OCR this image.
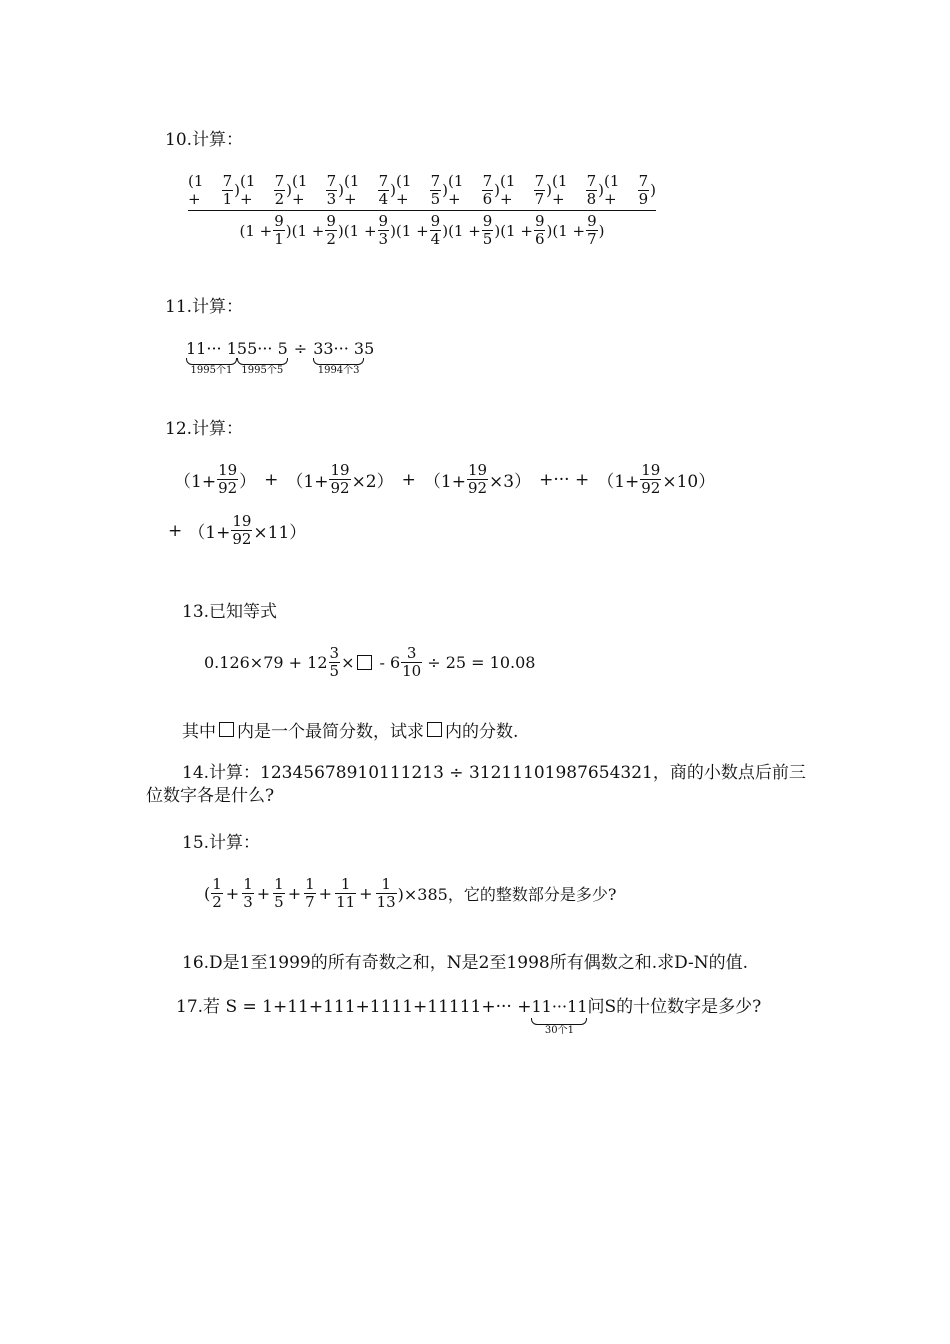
10.计算：
(1 +	$\frac{7}{1}$ ) (1 +	$\frac{7}{2}$ ) (1 +	$\frac{7}{3}$ ) (1 +	$\frac{7}{4}$ ) (1 +	$\frac{7}{5}$ ) (1 +	$\frac{7}{6}$ ) (1 +	$\frac{7}{7}$ ) (1 +	$\frac{7}{8}$ ) (1 +	$\frac{7}{9}$ )
($1 + \frac{9}{1}$ ) ($1 + \frac{9}{2}$ ) ($1 + \frac{9}{3}$ ) ($1 + \frac{9}{4}$ ) ($1 + \frac{9}{5}$ ) ($1 + \frac{9}{6}$ ) ($1 + \frac{9}{7}$ )
11.计算：
11··· 1
1995个1
55··· 5
1995个5
÷ 33··· 3
1994个3
5
12.计算：
（$1+ \frac{19}{92}$ ） + $(1+ \frac{19}{92} \times 2) + (1+ \frac{19}{92} \times 3)$ +··· + $(1+ \frac{19}{92} \times 10)$
+ $(1+ \frac{19}{92} \times 11)$
13.已知等式
$0.126\times 79 + 12 \frac{3}{5}$ × - $6 \frac{3}{10} \div 25 = 10.08$
其中 内是一个最简分数，试求 内的分数.
14.计算：12345678910111213 ÷ 31211101987654321，商的小数点后前三
位数字各是什么?
15.计算：
( $\frac{1}{2} + \frac{1}{3} + \frac{1}{5} + \frac{1}{7} + \frac{1}{11} + \frac{1}{13} )\times 385$，它的整数部分是多少?
16.D是1至1999的所有奇数之和，N是2至1998所有偶数之和.求D-N的值.
17.若 S = 1+11+111+1111+11111+··· + 11···11
30个1
问S的十位数字是多少?
